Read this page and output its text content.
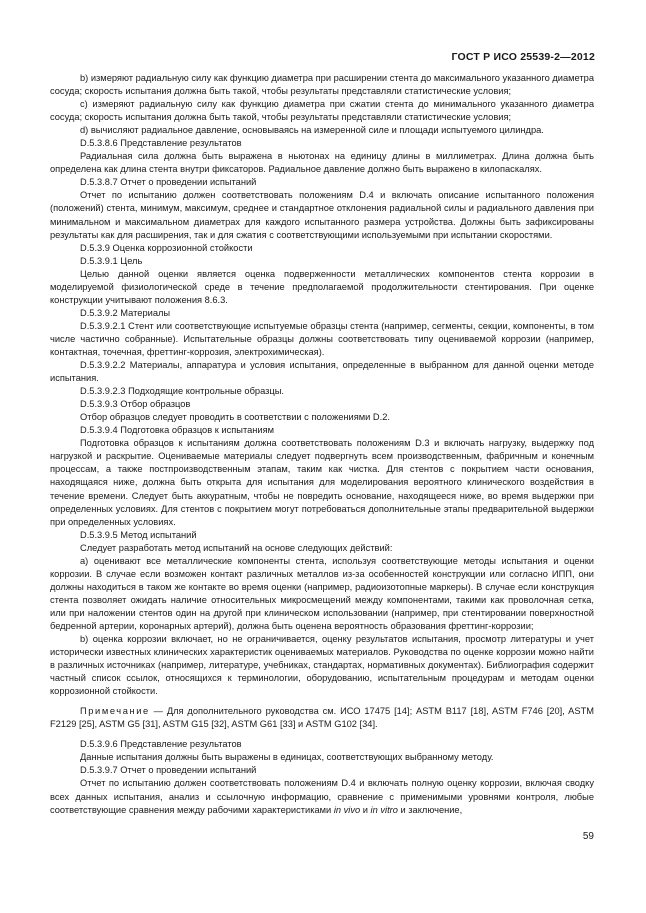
ГОСТ Р ИСО 25539-2—2012

b) измеряют радиальную силу как функцию диаметра при расширении стента до максимального указанного диаметра сосуда; скорость испытания должна быть такой, чтобы результаты представляли статистические условия;

с) измеряют радиальную силу как функцию диаметра при сжатии стента до минимального указанного диаметра сосуда; скорость испытания должна быть такой, чтобы результаты представляли статистические условия;

d) вычисляют радиальное давление, основываясь на измеренной силе и площади испытуемого цилиндра.

D.5.3.8.6 Представление результатов

Радиальная сила должна быть выражена в ньютонах на единицу длины в миллиметрах. Длина должна быть определена как длина стента внутри фиксаторов. Радиальное давление должно быть выражено в килопаскалях.

D.5.3.8.7 Отчет о проведении испытаний

Отчет по испытанию должен соответствовать положениям D.4 и включать описание испытанного положения (положений) стента, минимум, максимум, среднее и стандартное отклонения радиальной силы и радиального давления при минимальном и максимальном диаметрах для каждого испытанного размера устройства. Должны быть зафиксированы результаты как для расширения, так и для сжатия с соответствующими используемыми при испытании скоростями.

D.5.3.9 Оценка коррозионной стойкости

D.5.3.9.1 Цель

Целью данной оценки является оценка подверженности металлических компонентов стента коррозии в моделируемой физиологической среде в течение предполагаемой продолжительности стентирования. При оценке конструкции учитывают положения 8.6.3.

D.5.3.9.2 Материалы

D.5.3.9.2.1 Стент или соответствующие испытуемые образцы стента (например, сегменты, секции, компоненты, в том числе частично собранные). Испытательные образцы должны соответствовать типу оцениваемой коррозии (например, контактная, точечная, фреттинг-коррозия, электрохимическая).

D.5.3.9.2.2 Материалы, аппаратура и условия испытания, определенные в выбранном для данной оценки методе испытания.

D.5.3.9.2.3 Подходящие контрольные образцы.

D.5.3.9.3 Отбор образцов

Отбор образцов следует проводить в соответствии с положениями D.2.

D.5.3.9.4 Подготовка образцов к испытаниям

Подготовка образцов к испытаниям должна соответствовать положениям D.3 и включать нагрузку, выдержку под нагрузкой и раскрытие. Оцениваемые материалы следует подвергнуть всем производственным, фабричным и конечным процессам, а также постпроизводственным этапам, таким как чистка. Для стентов с покрытием части основания, находящаяся ниже, должна быть открыта для испытания для моделирования вероятного клинического воздействия в течение времени. Следует быть аккуратным, чтобы не повредить основание, находящееся ниже, во время выдержки при определенных условиях. Для стентов с покрытием могут потребоваться дополнительные этапы предварительной выдержки при определенных условиях.

D.5.3.9.5 Метод испытаний

Следует разработать метод испытаний на основе следующих действий:

а) оценивают все металлические компоненты стента, используя соответствующие методы испытания и оценки коррозии. В случае если возможен контакт различных металлов из-за особенностей конструкции или согласно ИПП, они должны находиться в таком же контакте во время оценки (например, радиоизотопные маркеры). В случае если конструкция стента позволяет ожидать наличие относительных микросмещений между компонентами, такими как проволочная сетка, или при наложении стентов один на другой при клиническом использовании (например, при стентировании поверхностной бедренной артерии, коронарных артерий), должна быть оценена вероятность образования фреттинг-коррозии;

b) оценка коррозии включает, но не ограничивается, оценку результатов испытания, просмотр литературы и учет исторически известных клинических характеристик оцениваемых материалов. Руководства по оценке коррозии можно найти в различных источниках (например, литературе, учебниках, стандартах, нормативных документах). Библиография содержит частный список ссылок, относящихся к терминологии, оборудованию, испытательным процедурам и методам оценки коррозионной стойкости.

Примечание — Для дополнительного руководства см. ИСО 17475 [14]; ASTM B117 [18], ASTM F746 [20], ASTM F2129 [25], ASTM G5 [31], ASTM G15 [32], ASTM G61 [33] и ASTM G102 [34].

D.5.3.9.6 Представление результатов

Данные испытания должны быть выражены в единицах, соответствующих выбранному методу.

D.5.3.9.7 Отчет о проведении испытаний

Отчет по испытанию должен соответствовать положениям D.4 и включать полную оценку коррозии, включая сводку всех данных испытания, анализ и ссылочную информацию, сравнение с применимыми уровнями контроля, любые соответствующие сравнения между рабочими характеристиками in vivo и in vitro и заключение,

59
